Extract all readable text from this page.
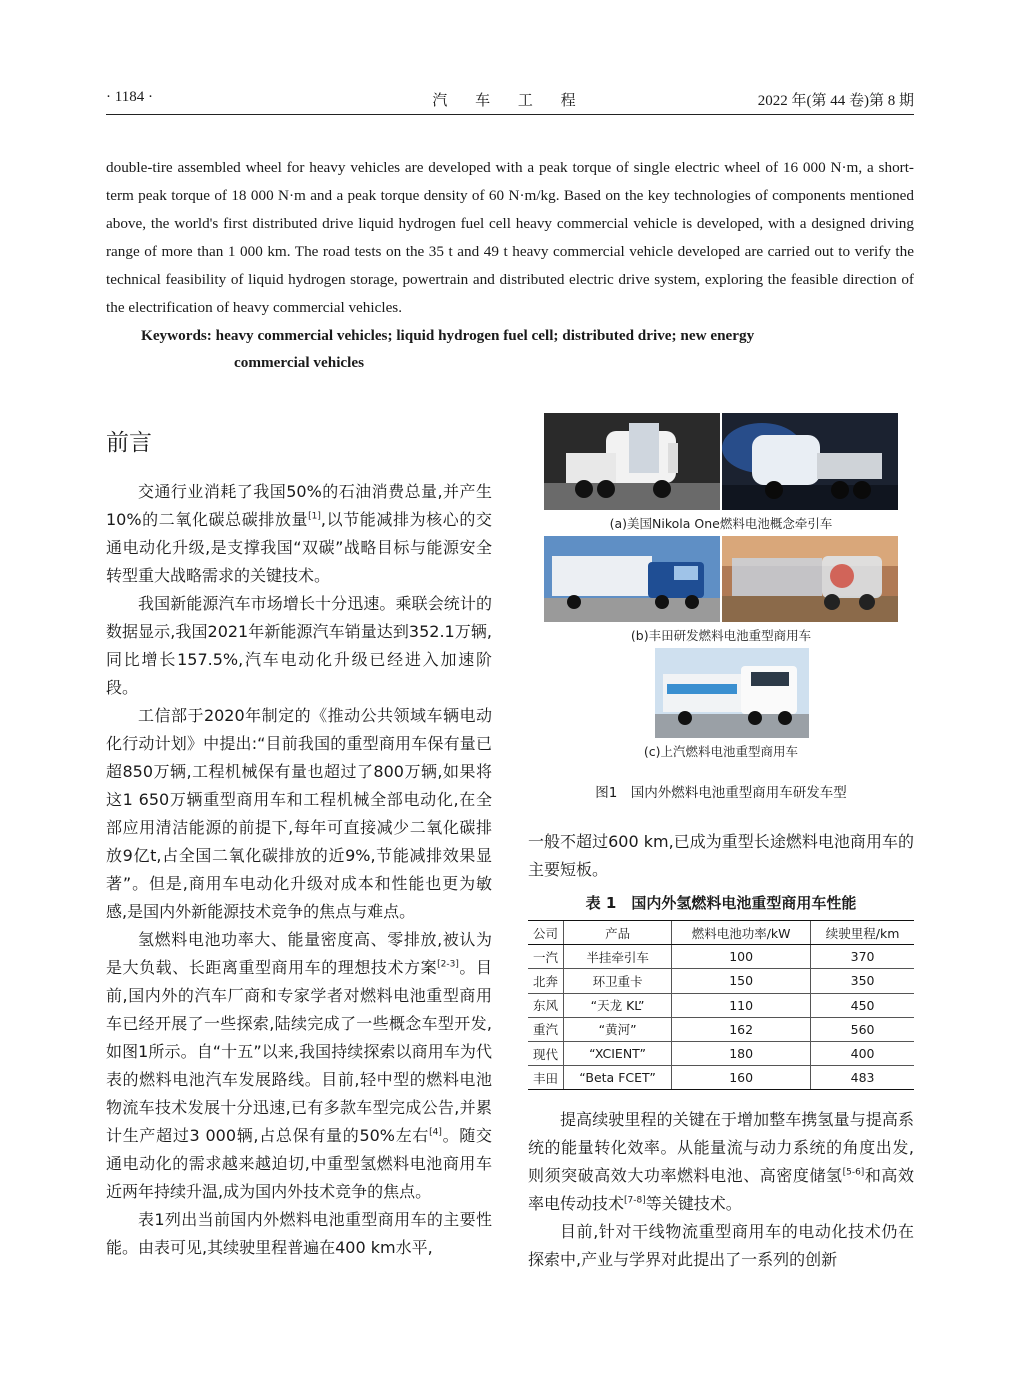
· 1184 ·	汽 车 工 程	2022 年(第 44 卷)第 8 期
double-tire assembled wheel for heavy vehicles are developed with a peak torque of single electric wheel of 16 000 N·m, a short-term peak torque of 18 000 N·m and a peak torque density of 60 N·m/kg. Based on the key technologies of components mentioned above, the world's first distributed drive liquid hydrogen fuel cell heavy commercial vehicle is developed, with a designed driving range of more than 1 000 km. The road tests on the 35 t and 49 t heavy commercial vehicle developed are carried out to verify the technical feasibility of liquid hydrogen storage, powertrain and distributed electric drive system, exploring the feasible direction of the electrification of heavy commercial vehicles.
Keywords: heavy commercial vehicles; liquid hydrogen fuel cell; distributed drive; new energy
commercial vehicles
前言

交通行业消耗了我国50%的石油消费总量,并产生10%的二氧化碳总碳排放量[1],以节能减排为核心的交通电动化升级,是支撑我国“双碳”战略目标与能源安全转型重大战略需求的关键技术。

我国新能源汽车市场增长十分迅速。乘联会统计的数据显示,我国2021年新能源汽车销量达到352.1万辆,同比增长157.5%,汽车电动化升级已经进入加速阶段。

工信部于2020年制定的《推动公共领域车辆电动化行动计划》中提出:“目前我国的重型商用车保有量已超850万辆,工程机械保有量也超过了800万辆,如果将这1 650万辆重型商用车和工程机械全部电动化,在全部应用清洁能源的前提下,每年可直接减少二氧化碳排放9亿t,占全国二氧化碳排放的近9%,节能减排效果显著”。但是,商用车电动化升级对成本和性能也更为敏感,是国内外新能源技术竞争的焦点与难点。

氢燃料电池功率大、能量密度高、零排放,被认为是大负载、长距离重型商用车的理想技术方案[2-3]。目前,国内外的汽车厂商和专家学者对燃料电池重型商用车已经开展了一些探索,陆续完成了一些概念车型开发,如图1所示。自“十五”以来,我国持续探索以商用车为代表的燃料电池汽车发展路线。目前,轻中型的燃料电池物流车技术发展十分迅速,已有多款车型完成公告,并累计生产超过3 000辆,占总保有量的50%左右[4]。随交通电动化的需求越来越迫切,中重型氢燃料电池商用车近两年持续升温,成为国内外技术竞争的焦点。

表1列出当前国内外燃料电池重型商用车的主要性能。由表可见,其续驶里程普遍在400 km水平,

(a)美国Nikola One燃料电池概念牵引车
(b)丰田研发燃料电池重型商用车
(c)上汽燃料电池重型商用车
图1　国内外燃料电池重型商用车研发车型

一般不超过600 km,已成为重型长途燃料电池商用车的主要短板。

表 1　国内外氢燃料电池重型商用车性能
公司	产品	燃料电池功率/kW	续驶里程/km
一汽	半挂牵引车	100	370
北奔	环卫重卡	150	350
东风	“天龙 KL”	110	450
重汽	“黄河”	162	560
现代	“XCIENT”	180	400
丰田	“Beta FCET”	160	483

提高续驶里程的关键在于增加整车携氢量与提高系统的能量转化效率。从能量流与动力系统的角度出发,则须突破高效大功率燃料电池、高密度储氢[5-6]和高效率电传动技术[7-8]等关键技术。

目前,针对干线物流重型商用车的电动化技术仍在探索中,产业与学界对此提出了一系列的创新
